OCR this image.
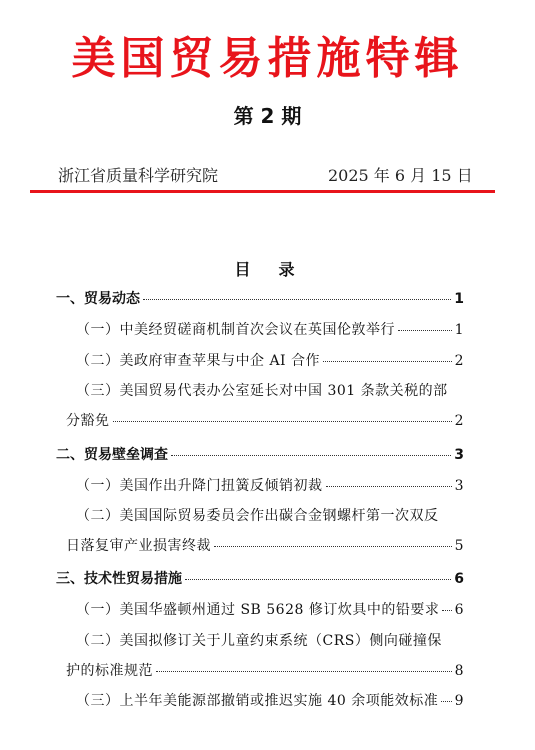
美国贸易措施特辑
第 2 期
浙江省质量科学研究院	2025 年 6 月 15 日
目　录
一、贸易动态	1
（一）中美经贸磋商机制首次会议在英国伦敦举行	1
（二）美政府审查苹果与中企 AI 合作	2
（三）美国贸易代表办公室延长对中国 301 条款关税的部
分豁免	2
二、贸易壁垒调查	3
（一）美国作出升降门扭簧反倾销初裁	3
（二）美国国际贸易委员会作出碳合金钢螺杆第一次双反
日落复审产业损害终裁	5
三、技术性贸易措施	6
（一）美国华盛顿州通过 SB 5628 修订炊具中的铅要求 6
（二）美国拟修订关于儿童约束系统（CRS）侧向碰撞保
护的标准规范	8
（三）上半年美能源部撤销或推迟实施 40 余项能效标准 9
